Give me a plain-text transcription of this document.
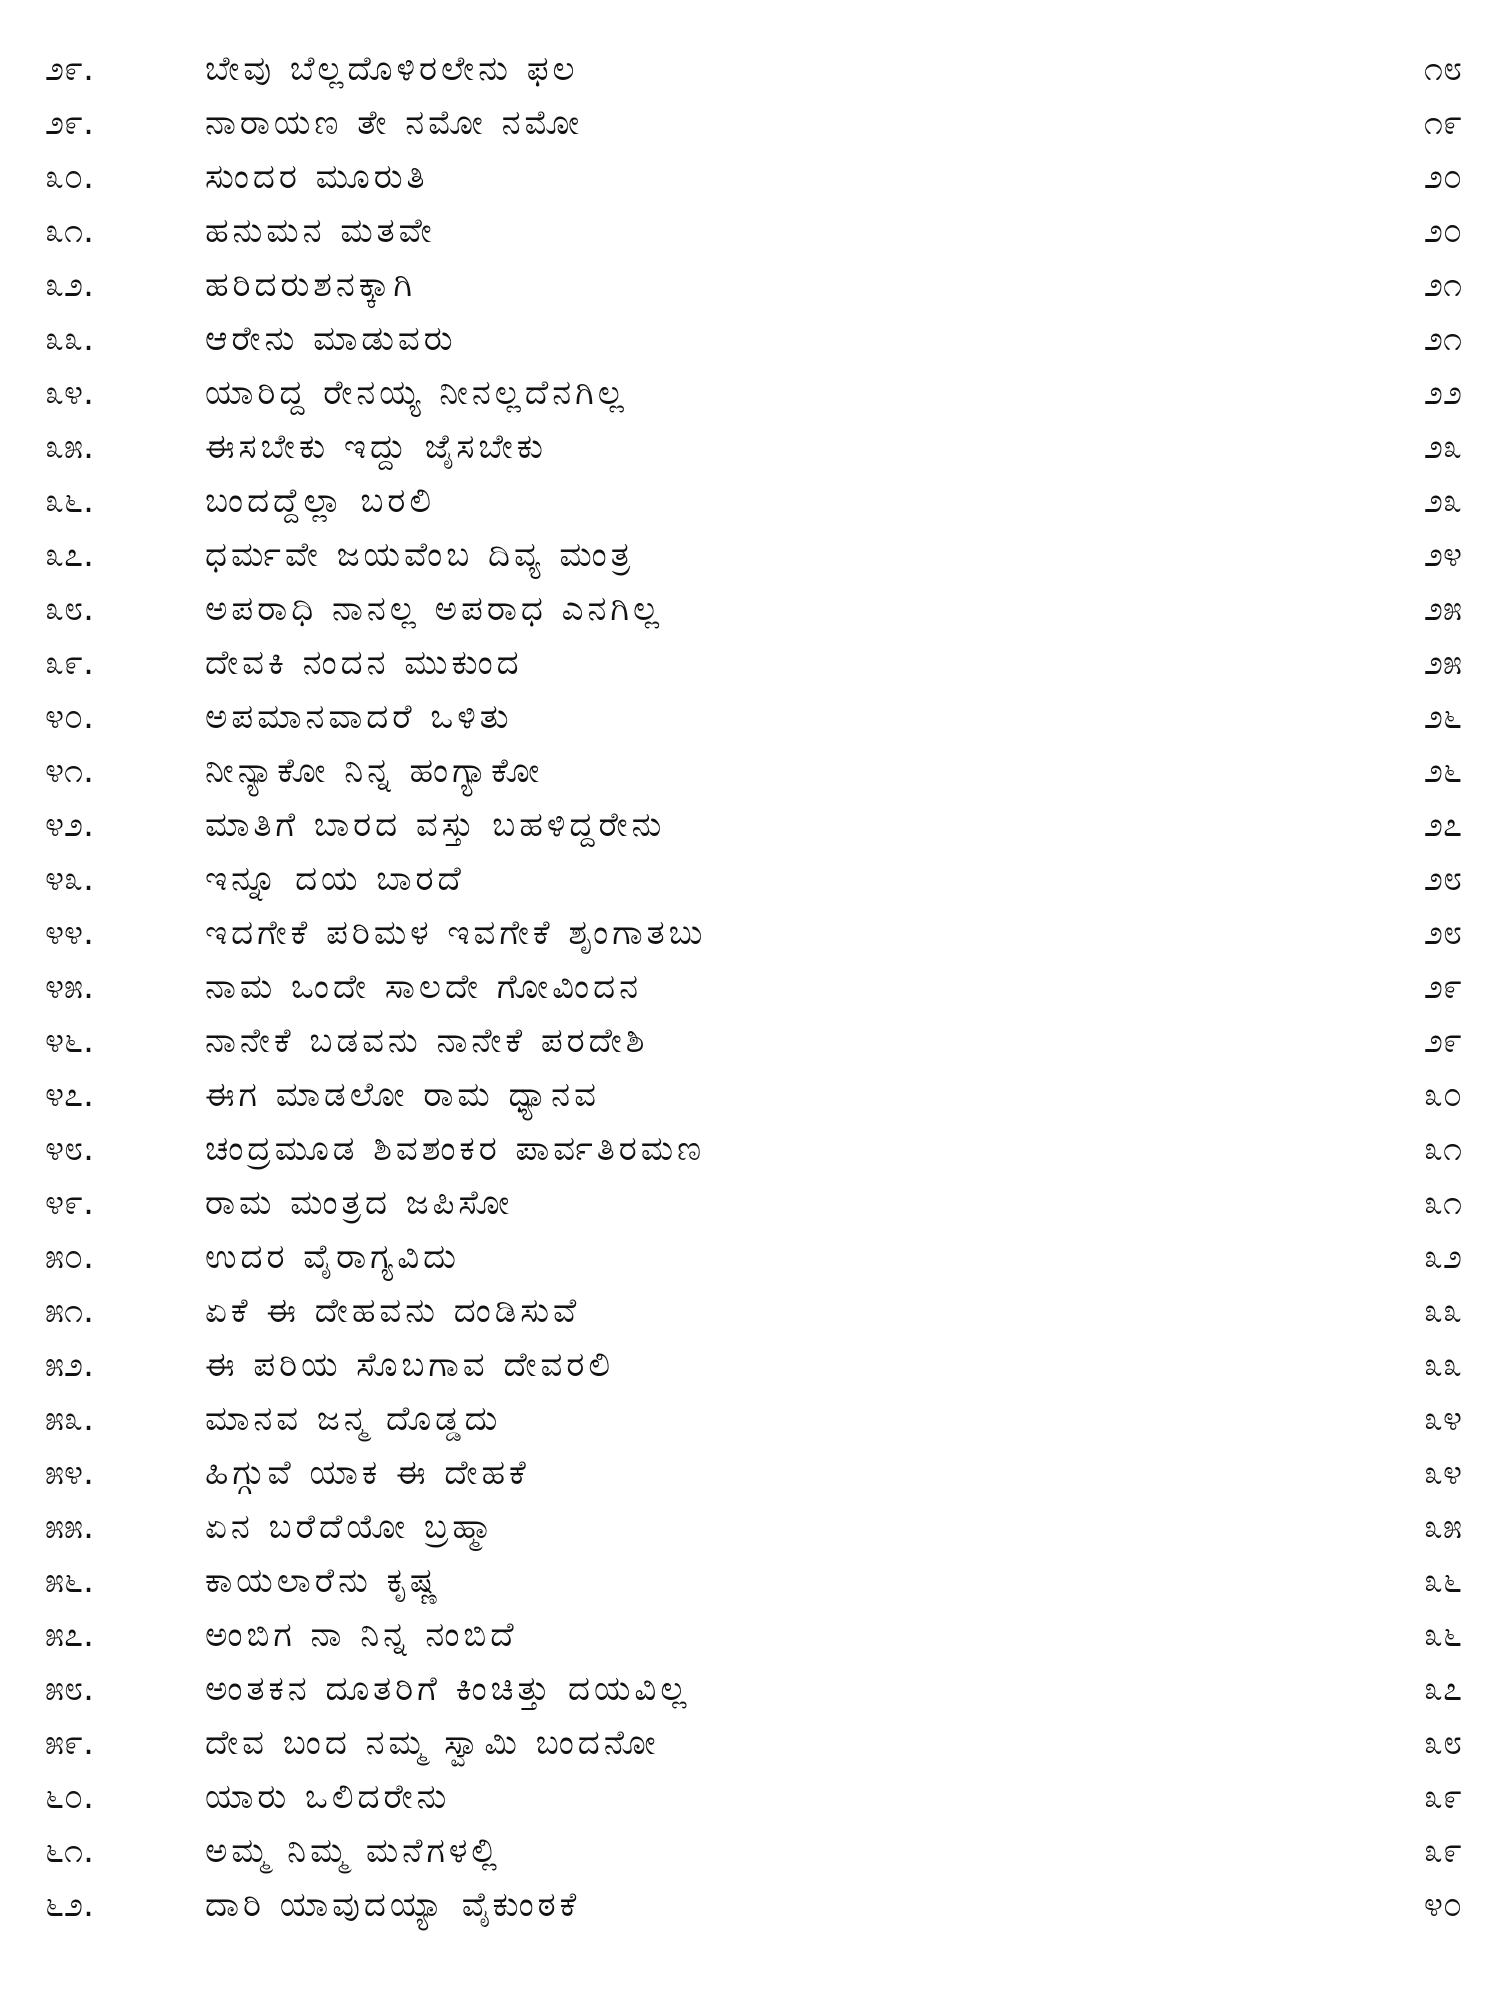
೨೯.	ಬೇವು ಬೆಲ್ಲದೊಳಿರಲೇನು ಫಲ	೧೮
೨೯.	ನಾರಾಯಣ ತೇ ನಮೋ ನಮೋ	೧೯
೩೦.	ಸುಂದರ ಮೂರುತಿ	೨೦
೩೧.	ಹನುಮನ ಮತವೇ	೨೦
೩೨.	ಹರಿದರುಶನಕ್ಕಾಗಿ	೨೧
೩೩.	ಆರೇನು ಮಾಡುವರು	೨೧
೩೪.	ಯಾರಿದ್ದ ರೇನಯ್ಯ ನೀನಲ್ಲದೆನಗಿಲ್ಲ	೨೨
೩೫.	ಈಸಬೇಕು ಇದ್ದು ಜೈಸಬೇಕು	೨೩
೩೬.	ಬಂದದ್ದೆಲ್ಲಾ ಬರಲಿ	೨೩
೩೭.	ಧರ್ಮವೇ ಜಯವೆಂಬ ದಿವ್ಯ ಮಂತ್ರ	೨೪
೩೮.	ಅಪರಾಧಿ ನಾನಲ್ಲ ಅಪರಾಧ ಎನಗಿಲ್ಲ	೨೫
೩೯.	ದೇವಕಿ ನಂದನ ಮುಕುಂದ	೨೫
೪೦.	ಅಪಮಾನವಾದರೆ ಒಳಿತು	೨೬
೪೧.	ನೀನ್ಯಾಕೋ ನಿನ್ನ ಹಂಗ್ಯಾಕೋ	೨೬
೪೨.	ಮಾತಿಗೆ ಬಾರದ ವಸ್ತು ಬಹಳಿದ್ದರೇನು	೨೭
೪೩.	ಇನ್ನೂ ದಯ ಬಾರದೆ	೨೮
೪೪.	ಇದಗೇಕೆ ಪರಿಮಳ ಇವಗೇಕೆ ಶೃಂಗಾತಬು	೨೮
೪೫.	ನಾಮ ಒಂದೇ ಸಾಲದೇ ಗೋವಿಂದನ	೨೯
೪೬.	ನಾನೇಕೆ ಬಡವನು ನಾನೇಕೆ ಪರದೇಶಿ	೨೯
೪೭.	ಈಗ ಮಾಡಲೋ ರಾಮ ಧ್ಯಾನವ	೩೦
೪೮.	ಚಂದ್ರಮೂಡ ಶಿವಶಂಕರ ಪಾರ್ವತಿರಮಣ	೩೧
೪೯.	ರಾಮ ಮಂತ್ರದ ಜಪಿಸೋ	೩೧
೫೦.	ಉದರ ವೈರಾಗ್ಯವಿದು	೩೨
೫೧.	ಏಕೆ ಈ ದೇಹವನು ದಂಡಿಸುವೆ	೩೩
೫೨.	ಈ ಪರಿಯ ಸೊಬಗಾವ ದೇವರಲಿ	೩೩
೫೩.	ಮಾನವ ಜನ್ಮ ದೊಡ್ಡದು	೩೪
೫೪.	ಹಿಗ್ಗುವೆ ಯಾಕ ಈ ದೇಹಕೆ	೩೪
೫೫.	ಏನ ಬರೆದೆಯೋ ಬ್ರಹ್ಮಾ	೩೫
೫೬.	ಕಾಯಲಾರೆನು ಕೃಷ್ಣ	೩೬
೫೭.	ಅಂಬಿಗ ನಾ ನಿನ್ನ ನಂಬಿದೆ	೩೬
೫೮.	ಅಂತಕನ ದೂತರಿಗೆ ಕಿಂಚಿತ್ತು ದಯವಿಲ್ಲ	೩೭
೫೯.	ದೇವ ಬಂದ ನಮ್ಮ ಸ್ವಾಮಿ ಬಂದನೋ	೩೮
೬೦.	ಯಾರು ಒಲಿದರೇನು	೩೯
೬೧.	ಅಮ್ಮ ನಿಮ್ಮ ಮನೆಗಳಲ್ಲಿ	೩೯
೬೨.	ದಾರಿ ಯಾವುದಯ್ಯಾ ವೈಕುಂಠಕೆ	೪೦
